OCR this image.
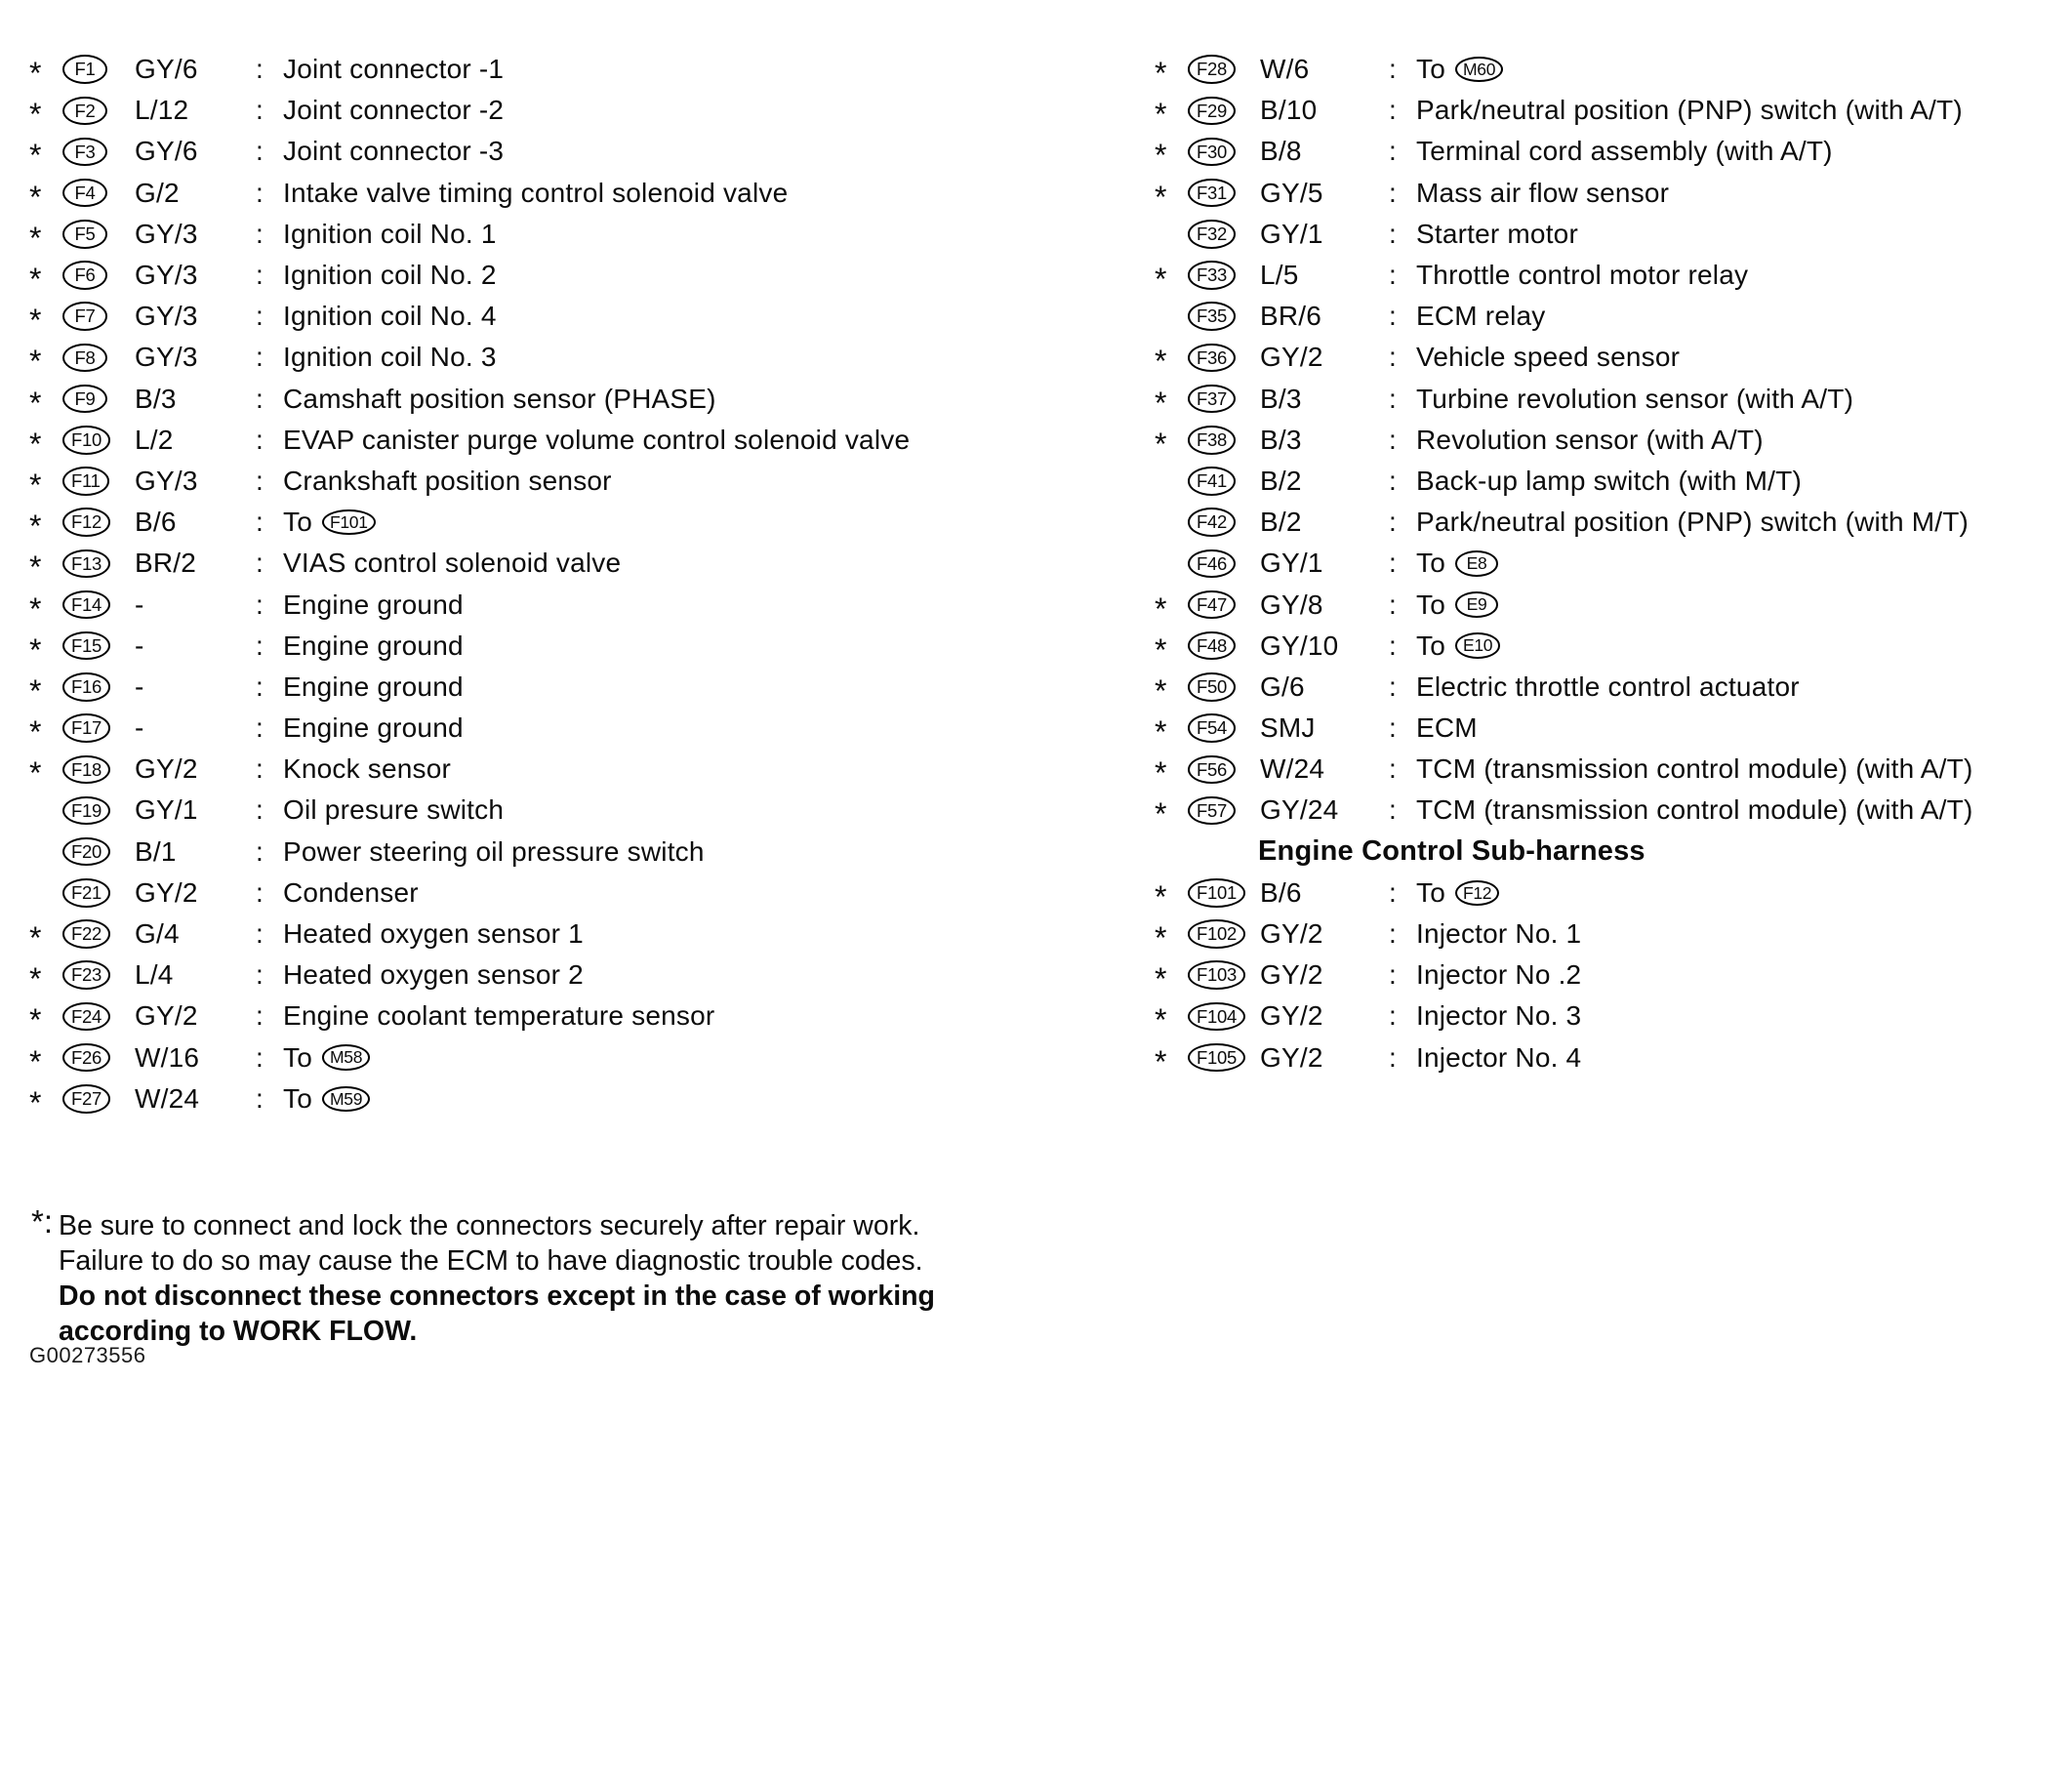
*	F1	GY/6	: Joint connector -1
*	F2	L/12	: Joint connector -2
*	F3	GY/6	: Joint connector -3
*	F4	G/2	: Intake valve timing control solenoid valve
*	F5	GY/3	: Ignition coil No. 1
*	F6	GY/3	: Ignition coil No. 2
*	F7	GY/3	: Ignition coil No. 4
*	F8	GY/3	: Ignition coil No. 3
*	F9	B/3	: Camshaft position sensor (PHASE)
*	F10	L/2	: EVAP canister purge volume control solenoid valve
*	F11	GY/3	: Crankshaft position sensor
*	F12	B/6	: To	F101
*	F13	BR/2	: VIAS control solenoid valve
*	F14	-	: Engine ground
*	F15	-	: Engine ground
*	F16	-	: Engine ground
*	F17	-	: Engine ground
*	F18	GY/2	: Knock sensor
F19	GY/1	: Oil presure switch
F20	B/1	: Power steering oil pressure switch
F21	GY/2	: Condenser
*	F22	G/4	: Heated oxygen sensor 1
*	F23	L/4	: Heated oxygen sensor 2
*	F24	GY/2	: Engine coolant temperature sensor
*	F26	W/16	: To	M58
*	F27	W/24	: To	M59
*	F28	W/6	: To	M60
*	F29	B/10	: Park/neutral position (PNP) switch (with A/T)
*	F30	B/8	: Terminal cord assembly (with A/T)
*	F31	GY/5	: Mass air flow sensor
F32	GY/1	: Starter motor
*	F33	L/5	: Throttle control motor relay
F35	BR/6	: ECM relay
*	F36	GY/2	: Vehicle speed sensor
*	F37	B/3	: Turbine revolution sensor (with A/T)
*	F38	B/3	: Revolution sensor (with A/T)
F41	B/2	: Back-up lamp switch (with M/T)
F42	B/2	: Park/neutral position (PNP) switch (with M/T)
F46	GY/1	: To	E8
*	F47	GY/8	: To	E9
*	F48	GY/10	: To	E10
*	F50	G/6	: Electric throttle control actuator
*	F54	SMJ	: ECM
*	F56	W/24	: TCM (transmission control module) (with A/T)
*	F57	GY/24	: TCM (transmission control module) (with A/T)
Engine Control Sub-harness
*	F101 B/6	: To	F12
*	F102 GY/2	: Injector No. 1
*	F103 GY/2	: Injector No .2
*	F104 GY/2	: Injector No. 3
*	F105 GY/2	: Injector No. 4
*: Be sure to connect and lock the connectors securely after repair work.
Failure to do so may cause the ECM to have diagnostic trouble codes.
Do not disconnect these connectors except in the case of working
according to WORK FLOW.
G00273556
